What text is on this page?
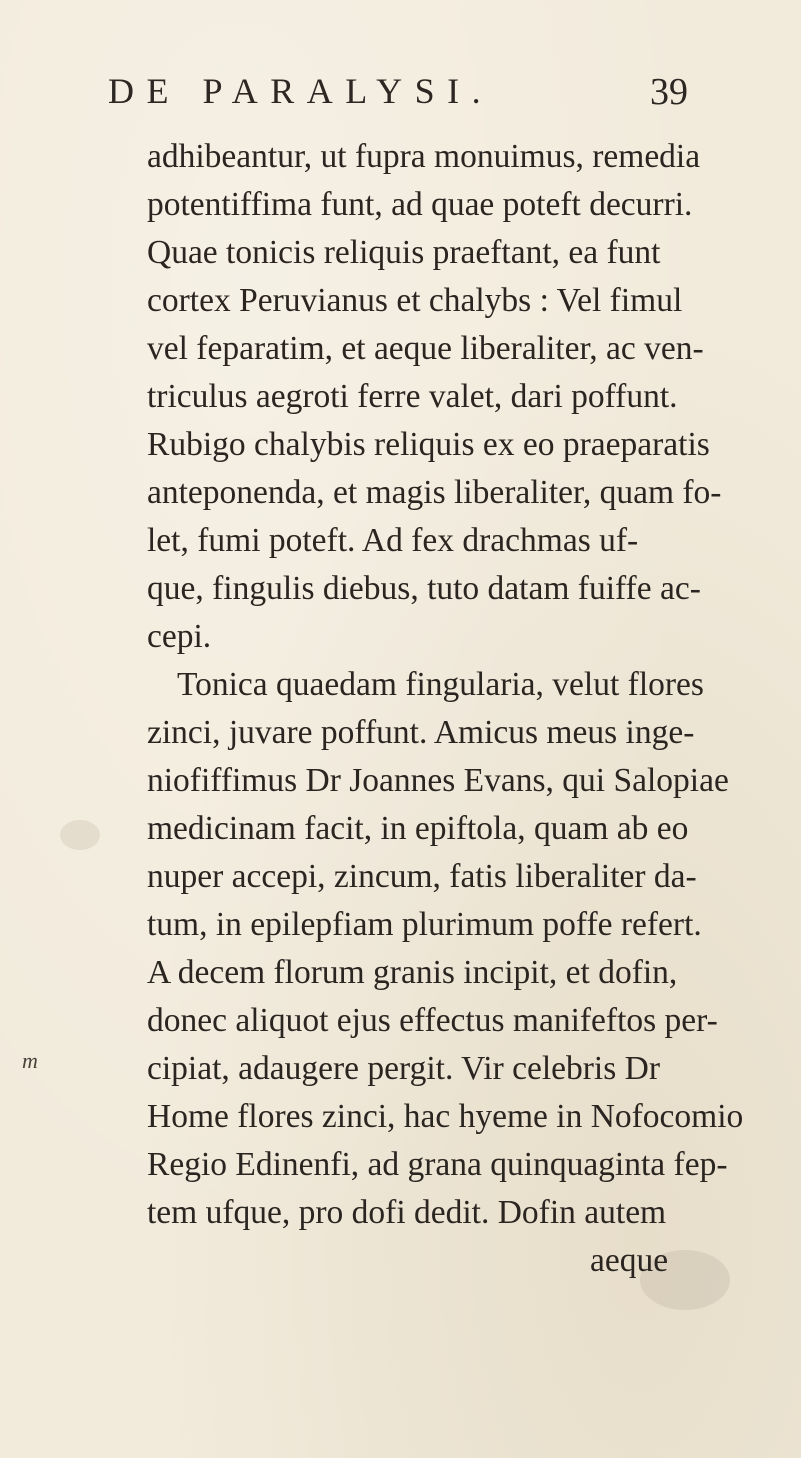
DE PARALYSI.	39
m
adhibeantur, ut fupra monuimus, remedia
potentiffima funt, ad quae poteft decurri.
Quae tonicis reliquis praeftant, ea funt
cortex Peruvianus et chalybs : Vel fimul
vel feparatim, et aeque liberaliter, ac ven-
triculus aegroti ferre valet, dari poffunt.
Rubigo chalybis reliquis ex eo praeparatis
anteponenda, et magis liberaliter, quam fo-
let, fumi poteft. Ad fex drachmas uf-
que, fingulis diebus, tuto datam fuiffe ac-
cepi.
Tonica quaedam fingularia, velut flores
zinci, juvare poffunt. Amicus meus inge-
niofiffimus Dr Joannes Evans, qui Salopiae
medicinam facit, in epiftola, quam ab eo
nuper accepi, zincum, fatis liberaliter da-
tum, in epilepfiam plurimum poffe refert.
A decem florum granis incipit, et dofin,
donec aliquot ejus effectus manifeftos per-
cipiat, adaugere pergit. Vir celebris Dr
Home flores zinci, hac hyeme in Nofocomio
Regio Edinenfi, ad grana quinquaginta fep-
tem ufque, pro dofi dedit. Dofin autem
aeque
